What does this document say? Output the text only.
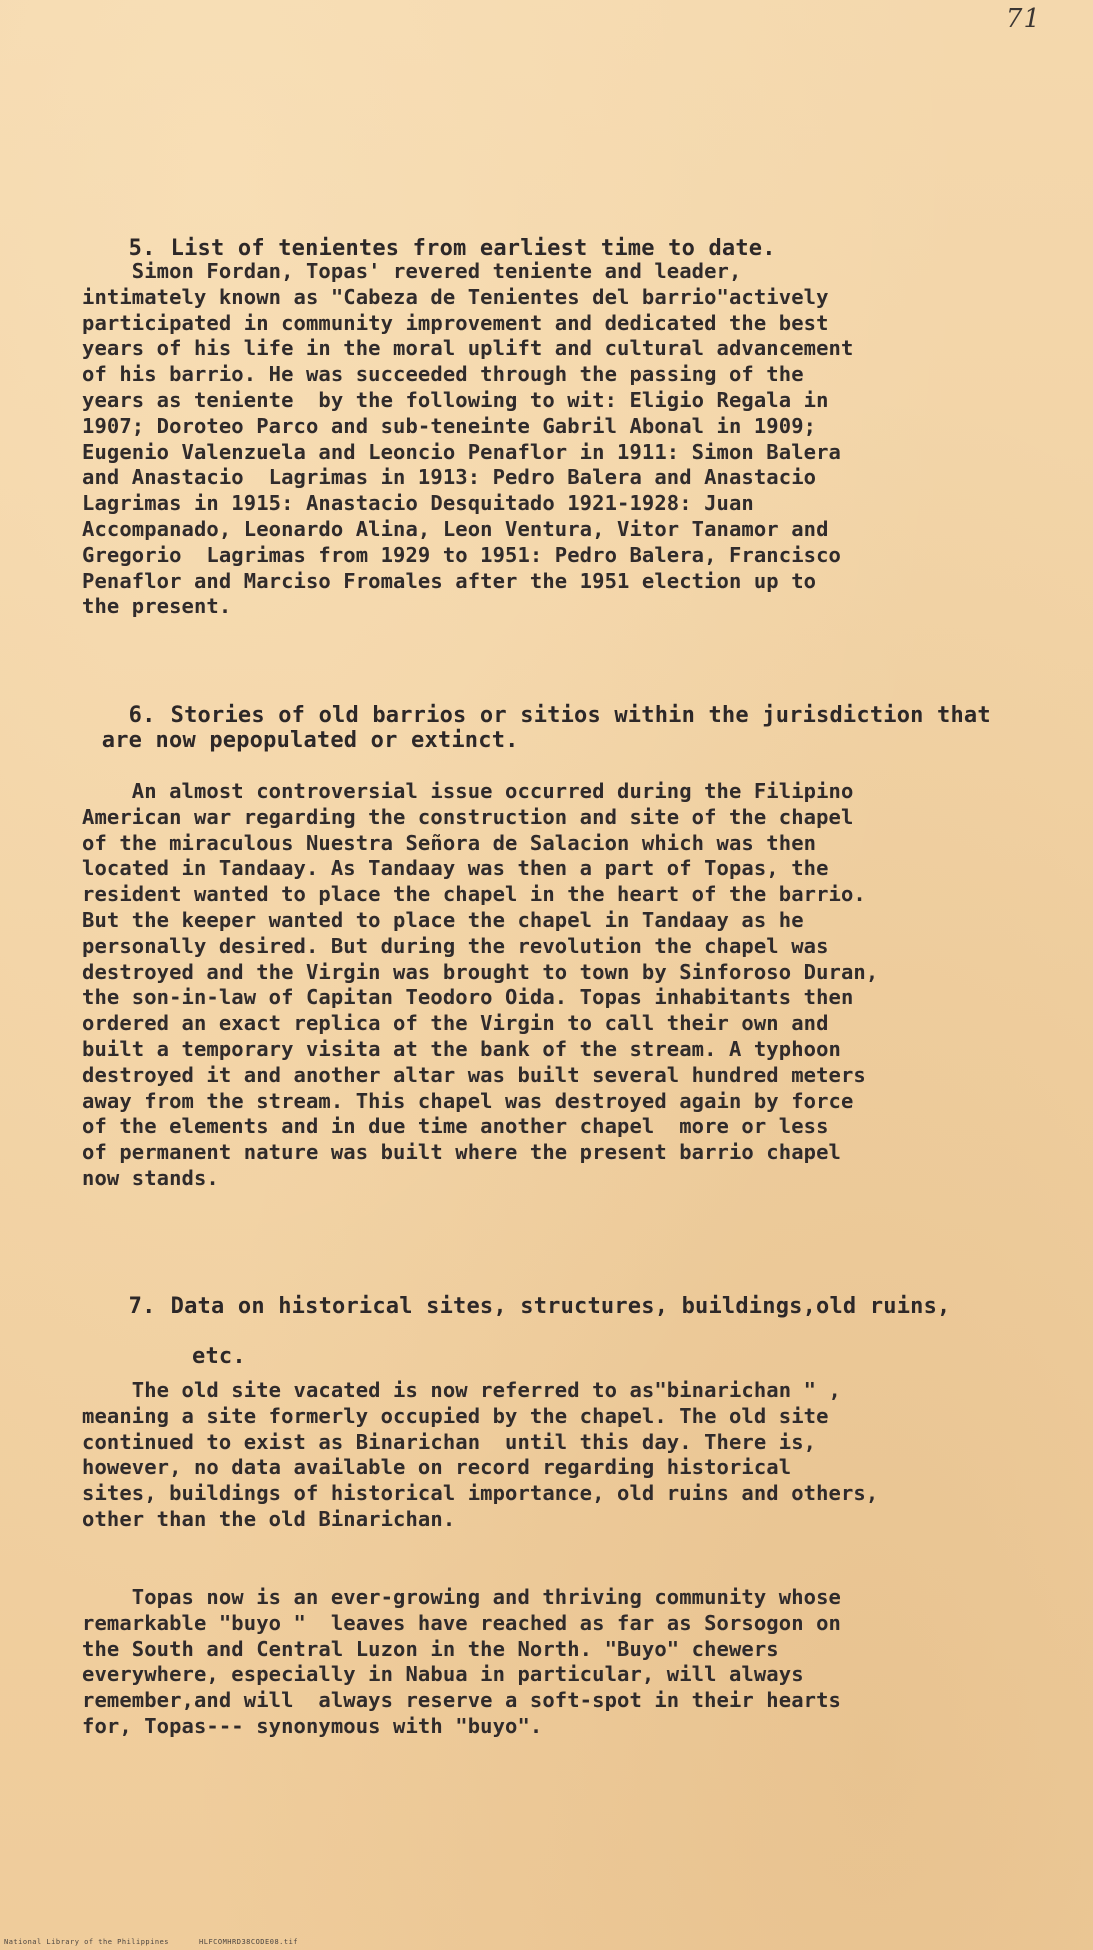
71

5. List of tenientes from earliest time to date.

Simon Fordan, Topas' revered teniente and leader,
intimately known as "Cabeza de Tenientes del barrio"actively
participated in community improvement and dedicated the best
years of his life in the moral uplift and cultural advancement
of his barrio. He was succeeded through the passing of the
years as teniente  by the following to wit: Eligio Regala in
1907; Doroteo Parco and sub-teneinte Gabril Abonal in 1909;
Eugenio Valenzuela and Leoncio Penaflor in 1911: Simon Balera
and Anastacio  Lagrimas in 1913: Pedro Balera and Anastacio
Lagrimas in 1915: Anastacio Desquitado 1921-1928: Juan
Accompanado, Leonardo Alina, Leon Ventura, Vitor Tanamor and
Gregorio  Lagrimas from 1929 to 1951: Pedro Balera, Francisco
Penaflor and Marciso Fromales after the 1951 election up to
the present.

6. Stories of old barrios or sitios within the jurisdiction that
are now pepopulated or extinct.

An almost controversial issue occurred during the Filipino
American war regarding the construction and site of the chapel
of the miraculous Nuestra Señora de Salacion which was then
located in Tandaay. As Tandaay was then a part of Topas, the
resident wanted to place the chapel in the heart of the barrio.
But the keeper wanted to place the chapel in Tandaay as he
personally desired. But during the revolution the chapel was
destroyed and the Virgin was brought to town by Sinforoso Duran,
the son-in-law of Capitan Teodoro Oida. Topas inhabitants then
ordered an exact replica of the Virgin to call their own and
built a temporary visita at the bank of the stream. A typhoon
destroyed it and another altar was built several hundred meters
away from the stream. This chapel was destroyed again by force
of the elements and in due time another chapel  more or less
of permanent nature was built where the present barrio chapel
now stands.

7. Data on historical sites, structures, buildings,old ruins,

etc.

The old site vacated is now referred to as"binarichan " ,
meaning a site formerly occupied by the chapel. The old site
continued to exist as Binarichan  until this day. There is,
however, no data available on record regarding historical
sites, buildings of historical importance, old ruins and others,
other than the old Binarichan.
Topas now is an ever-growing and thriving community whose
remarkable "buyo "  leaves have reached as far as Sorsogon on
the South and Central Luzon in the North. "Buyo" chewers
everywhere, especially in Nabua in particular, will always
remember,and will  always reserve a soft-spot in their hearts
for, Topas--- synonymous with "buyo".
National Library of the Philippines	HLFCOMHRD38CODE08.tif
